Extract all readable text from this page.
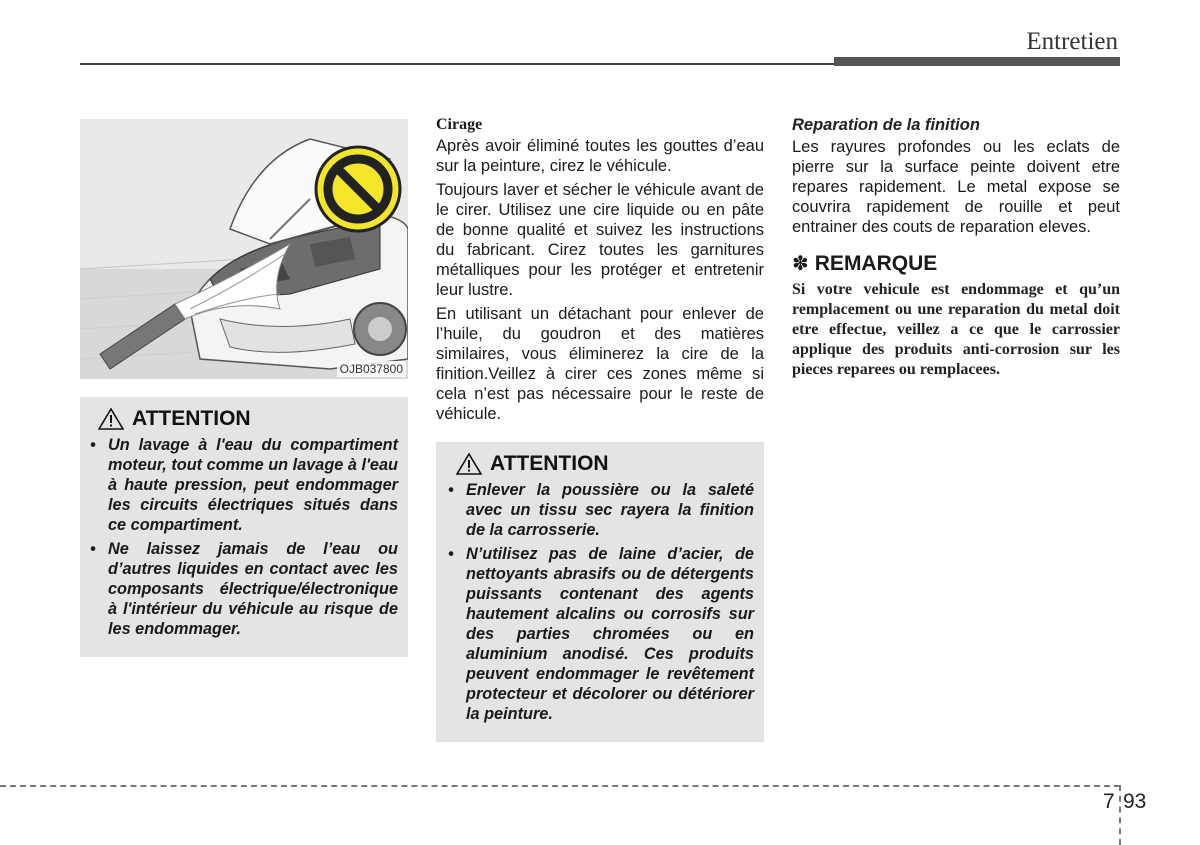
Entretien
OJB037800
ATTENTION
• Un lavage à l'eau du compartiment moteur, tout comme un lavage à l'eau à haute pression, peut endommager les circuits électriques situés dans ce compartiment.
• Ne laissez jamais de l’eau ou d’autres liquides en contact avec les composants électrique/électronique à l'intérieur du véhicule au risque de les endommager.
Cirage

Après avoir éliminé toutes les gouttes d’eau sur la peinture, cirez le véhicule.

Toujours laver et sécher le véhicule avant de le cirer. Utilisez une cire liquide ou en pâte de bonne qualité et suivez les instructions du fabricant. Cirez toutes les garnitures métalliques pour les protéger et entretenir leur lustre.

En utilisant un détachant pour enlever de l’huile, du goudron et des matières similaires, vous éliminerez la cire de la finition.Veillez à cirer ces zones même si cela n’est pas nécessaire pour le reste de véhicule.

ATTENTION
• Enlever la poussière ou la saleté avec un tissu sec rayera la finition de la carrosserie.
• N’utilisez pas de laine d’acier, de nettoyants abrasifs ou de détergents puissants contenant des agents hautement alcalins ou corrosifs sur des parties chromées ou en aluminium anodisé. Ces produits peuvent endommager le revêtement protecteur et décolorer ou détériorer la peinture.
Reparation de la finition

Les rayures profondes ou les eclats de pierre sur la surface peinte doivent etre repares rapidement. Le metal expose se couvrira rapidement de rouille et peut entrainer des couts de reparation eleves.

✽ REMARQUE

Si votre vehicule est endommage et qu’un remplacement ou une reparation du metal doit etre effectue, veillez a ce que le carrossier applique des produits anti-corrosion sur les pieces reparees ou remplacees.

7 93
